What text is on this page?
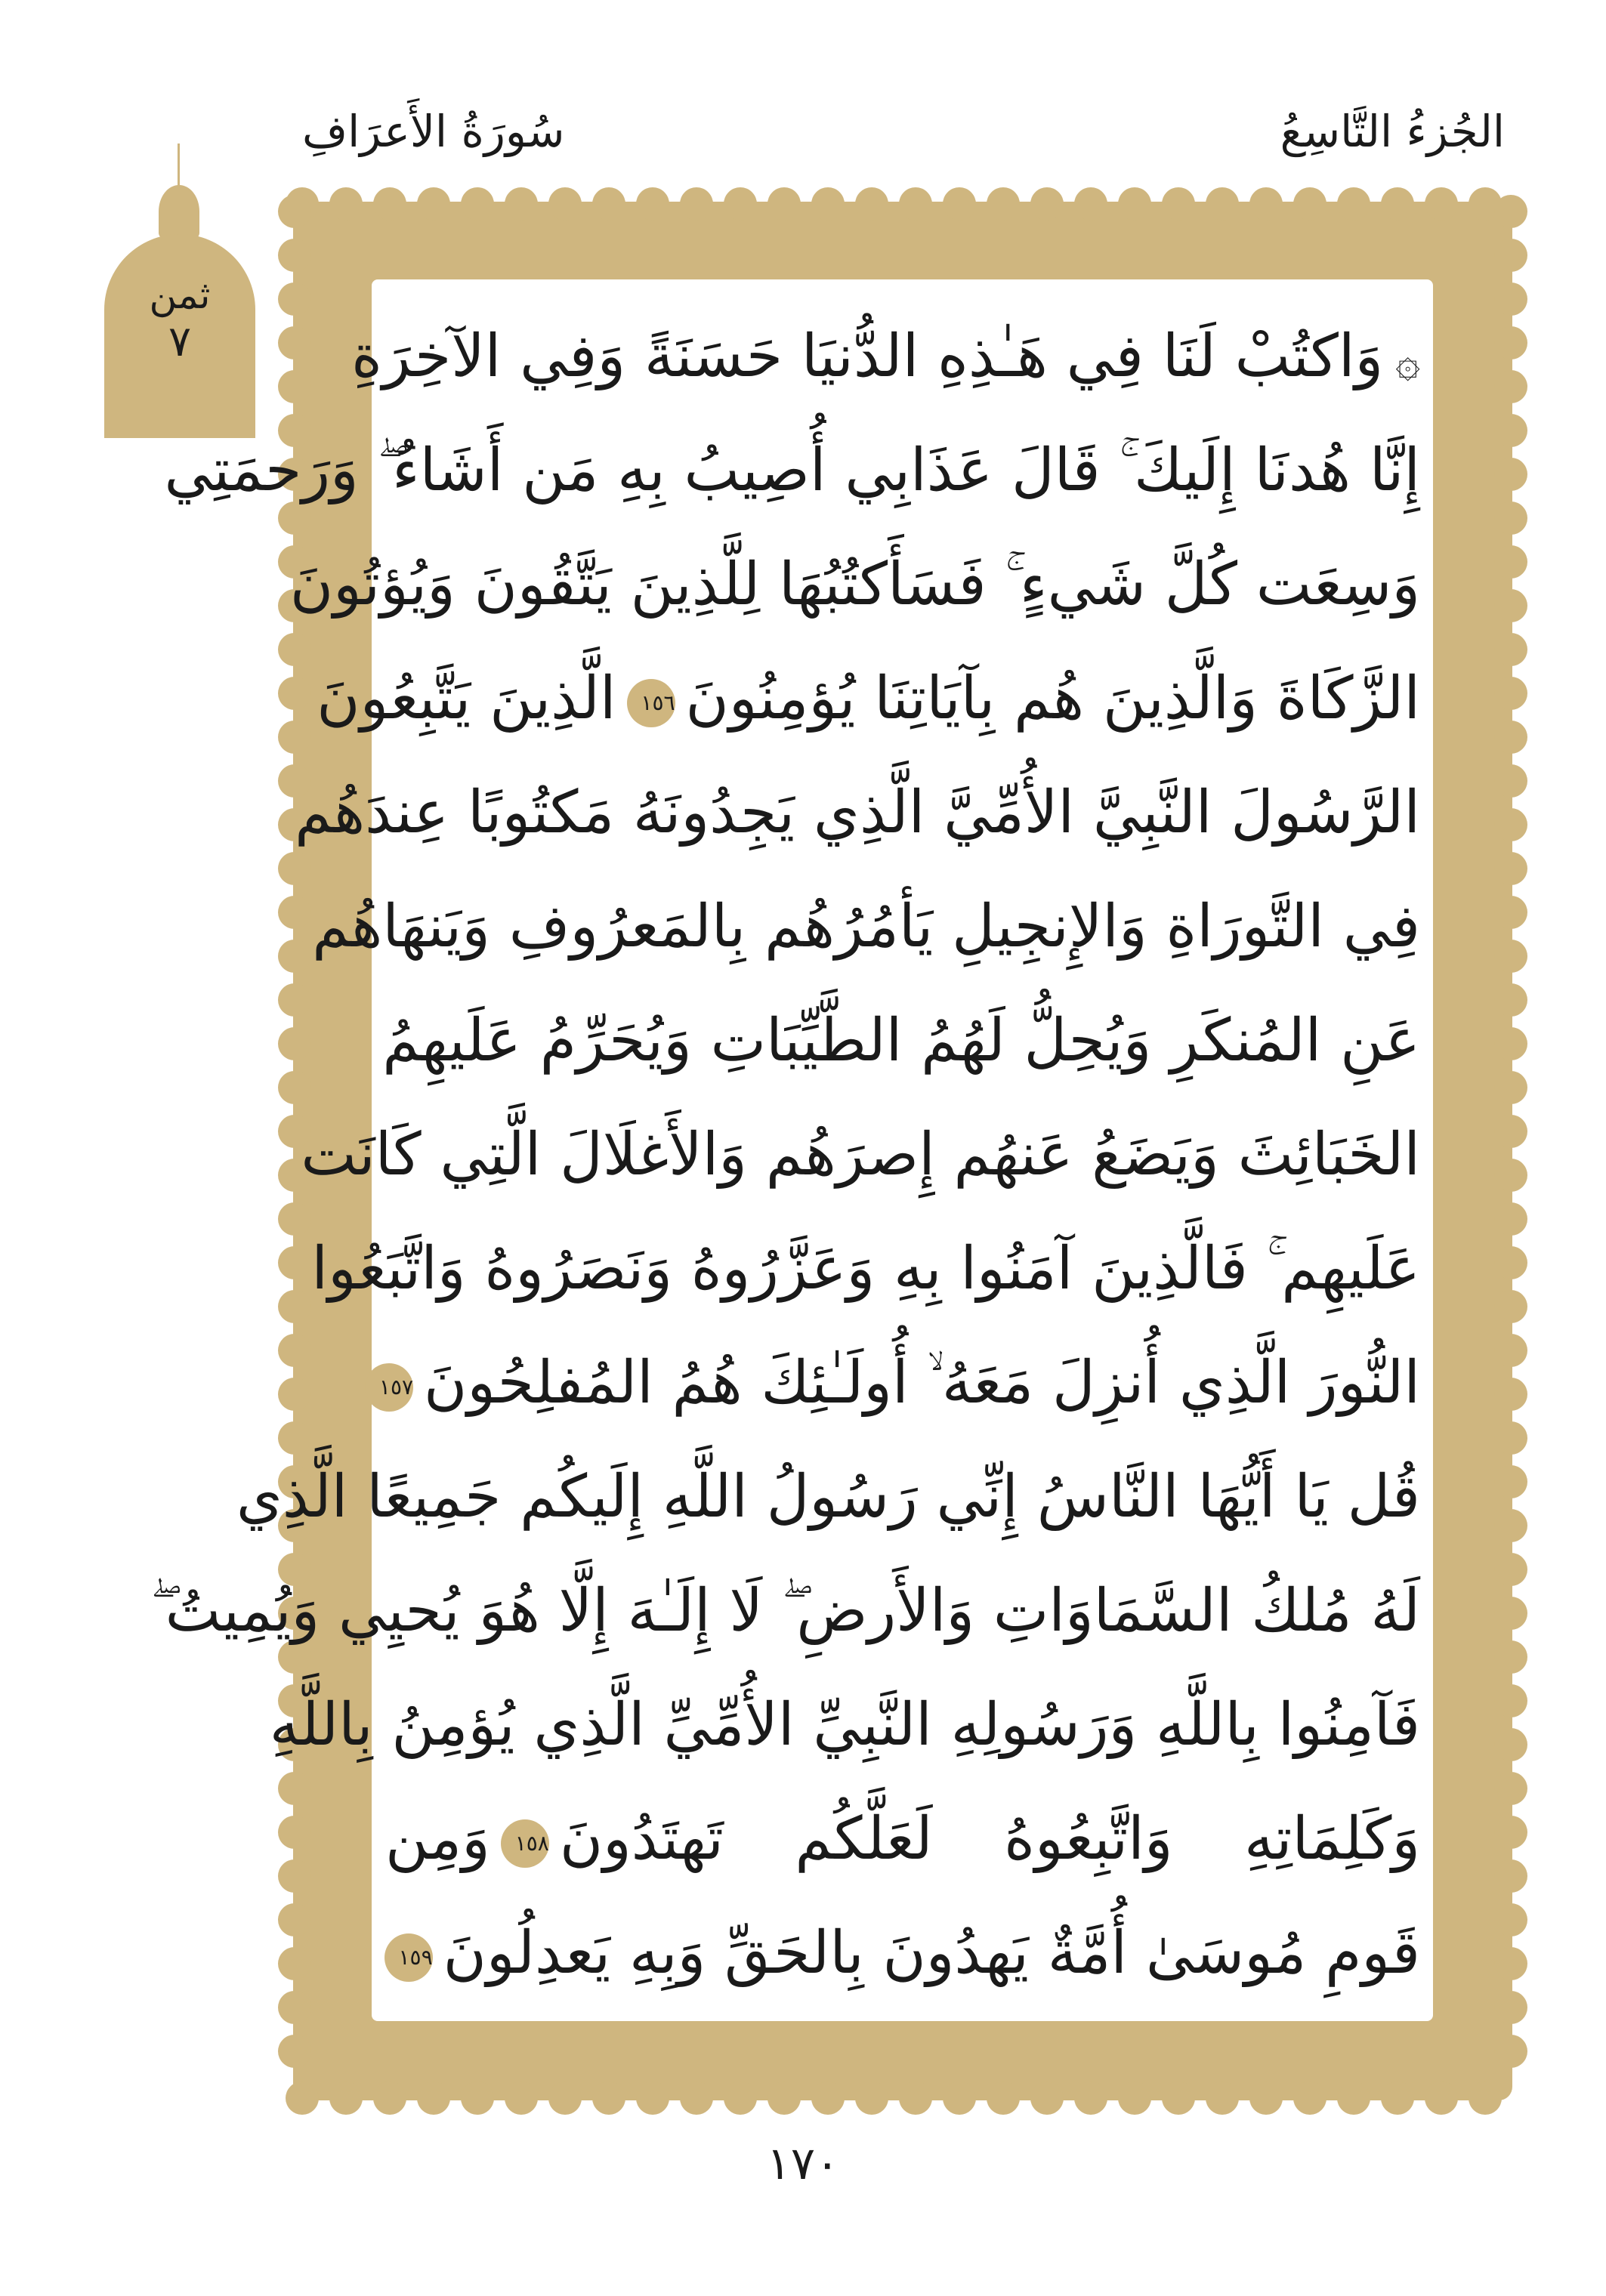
الجُزءُ التَّاسِعُ
سُورَةُ الأَعرَافِ
ثمن
٧	۞وَاكتُبْ لَنَا فِي هَـٰذِهِ الدُّنيَا حَسَنَةً وَفِي الآخِرَةِ
إِنَّا هُدنَا إِلَيكَ ۚ قَالَ عَذَابِي أُصِيبُ بِهِ مَن أَشَاءُ ۖ وَرَحمَتِي
وَسِعَت كُلَّ شَيءٍ ۚ فَسَأَكتُبُهَا لِلَّذِينَ يَتَّقُونَ وَيُؤتُونَ
الزَّكَاةَ وَالَّذِينَ هُم بِآيَاتِنَا يُؤمِنُونَ١٥٦الَّذِينَ يَتَّبِعُونَ
الرَّسُولَ النَّبِيَّ الأُمِّيَّ الَّذِي يَجِدُونَهُ مَكتُوبًا عِندَهُم
فِي التَّورَاةِ وَالإِنجِيلِ يَأمُرُهُم بِالمَعرُوفِ وَيَنهَاهُم
عَنِ المُنكَرِ وَيُحِلُّ لَهُمُ الطَّيِّبَاتِ وَيُحَرِّمُ عَلَيهِمُ
الخَبَائِثَ وَيَضَعُ عَنهُم إِصرَهُم وَالأَغلَالَ الَّتِي كَانَت
عَلَيهِم ۚ فَالَّذِينَ آمَنُوا بِهِ وَعَزَّرُوهُ وَنَصَرُوهُ وَاتَّبَعُوا
النُّورَ الَّذِي أُنزِلَ مَعَهُ ۙ أُولَـٰئِكَ هُمُ المُفلِحُونَ١٥٧
قُل يَا أَيُّهَا النَّاسُ إِنِّي رَسُولُ اللَّهِ إِلَيكُم جَمِيعًا الَّذِي
لَهُ مُلكُ السَّمَاوَاتِ وَالأَرضِ ۖ لَا إِلَـٰهَ إِلَّا هُوَ يُحيِي وَيُمِيتُ ۖ
فَآمِنُوا بِاللَّهِ وَرَسُولِهِ النَّبِيِّ الأُمِّيِّ الَّذِي يُؤمِنُ بِاللَّهِ
وَكَلِمَاتِهِ وَاتَّبِعُوهُ لَعَلَّكُم تَهتَدُونَ١٥٨وَمِن
قَومِ مُوسَىٰ أُمَّةٌ يَهدُونَ بِالحَقِّ وَبِهِ يَعدِلُونَ١٥٩
١٧٠
